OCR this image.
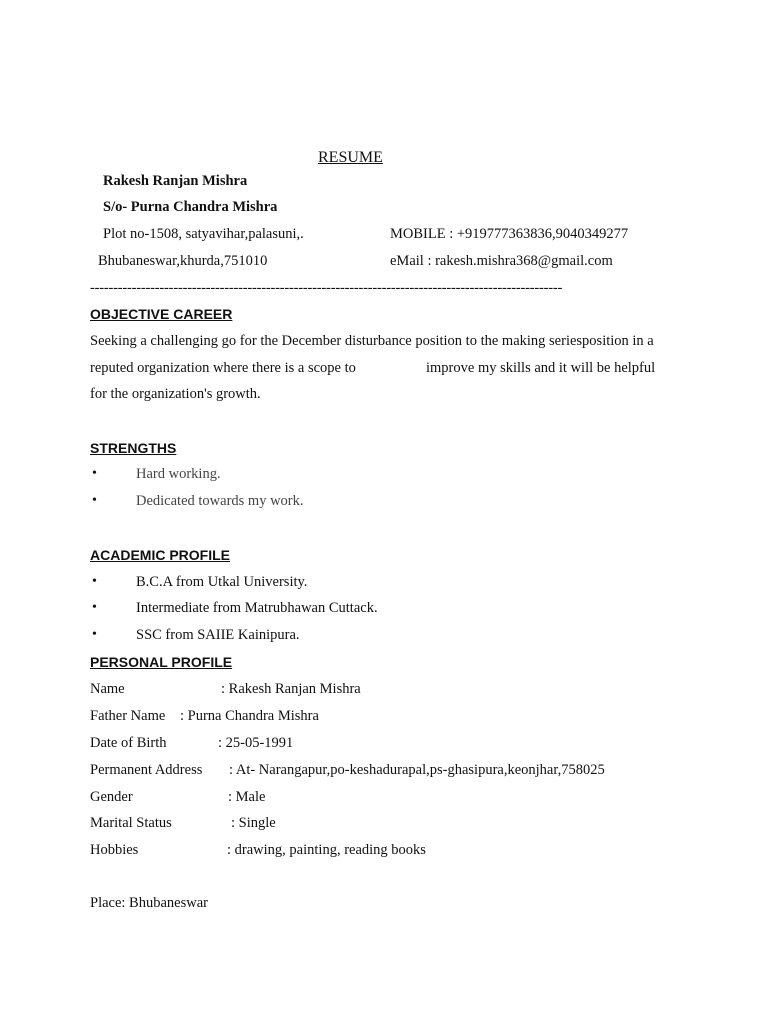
RESUME
Rakesh Ranjan Mishra
S/o- Purna Chandra Mishra
Plot no-1508, satyavihar,palasuni,.	MOBILE : +919777363836,9040349277
Bhubaneswar,khurda,751010	eMail : rakesh.mishra368@gmail.com
------------------------------------------------------------------------------------------------------
OBJECTIVE CAREER
Seeking a challenging go for the December disturbance position to the making seriesposition in a
reputed organization where there is a scope to	improve my skills and it will be helpful
for the organization's growth.
STRENGTHS
•	Hard working.
•	Dedicated towards my work.
ACADEMIC PROFILE
•	B.C.A from Utkal University.
•	Intermediate from Matrubhawan Cuttack.
•	SSC from SAIIE Kainipura.
PERSONAL PROFILE
Name	: Rakesh Ranjan Mishra
Father Name : Purna Chandra Mishra
Date of Birth	: 25-05-1991
Permanent Address : At- Narangapur,po-keshadurapal,ps-ghasipura,keonjhar,758025
Gender	: Male
Marital Status	: Single
Hobbies	: drawing, painting, reading books
Place: Bhubaneswar
